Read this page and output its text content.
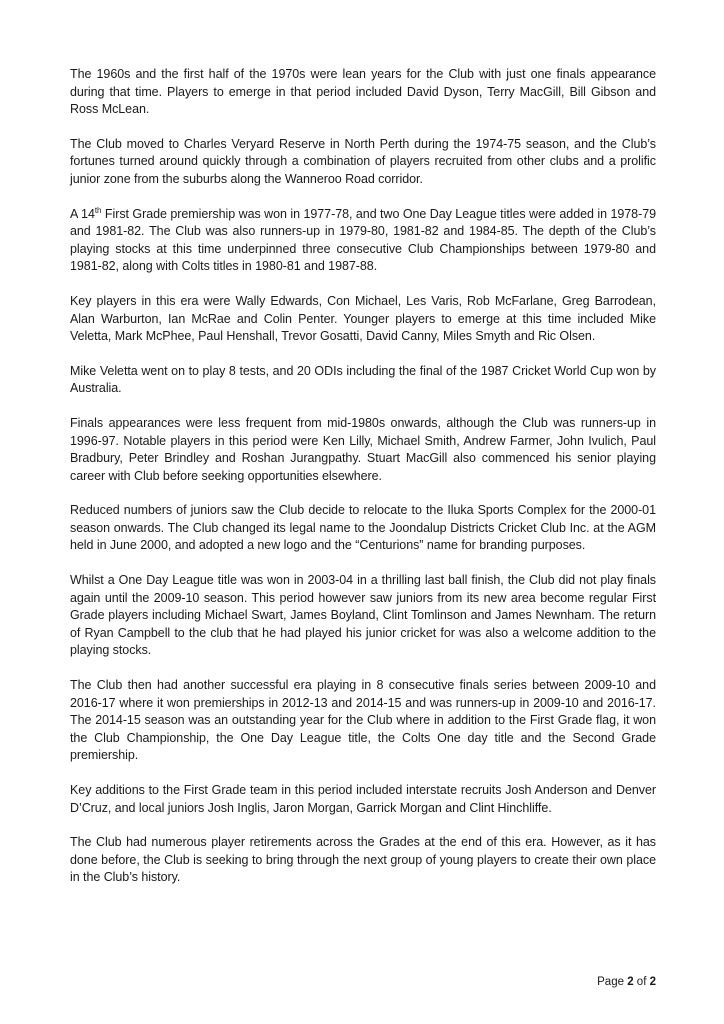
The 1960s and the first half of the 1970s were lean years for the Club with just one finals appearance during that time. Players to emerge in that period included David Dyson, Terry MacGill, Bill Gibson and Ross McLean.

The Club moved to Charles Veryard Reserve in North Perth during the 1974-75 season, and the Club’s fortunes turned around quickly through a combination of players recruited from other clubs and a prolific junior zone from the suburbs along the Wanneroo Road corridor.

A 14th First Grade premiership was won in 1977-78, and two One Day League titles were added in 1978-79 and 1981-82. The Club was also runners-up in 1979-80, 1981-82 and 1984-85. The depth of the Club’s playing stocks at this time underpinned three consecutive Club Championships between 1979-80 and 1981-82, along with Colts titles in 1980-81 and 1987-88.

Key players in this era were Wally Edwards, Con Michael, Les Varis, Rob McFarlane, Greg Barrodean, Alan Warburton, Ian McRae and Colin Penter. Younger players to emerge at this time included Mike Veletta, Mark McPhee, Paul Henshall, Trevor Gosatti, David Canny, Miles Smyth and Ric Olsen.

Mike Veletta went on to play 8 tests, and 20 ODIs including the final of the 1987 Cricket World Cup won by Australia.

Finals appearances were less frequent from mid-1980s onwards, although the Club was runners-up in 1996-97. Notable players in this period were Ken Lilly, Michael Smith, Andrew Farmer, John Ivulich, Paul Bradbury, Peter Brindley and Roshan Jurangpathy. Stuart MacGill also commenced his senior playing career with Club before seeking opportunities elsewhere.

Reduced numbers of juniors saw the Club decide to relocate to the Iluka Sports Complex for the 2000-01 season onwards. The Club changed its legal name to the Joondalup Districts Cricket Club Inc. at the AGM held in June 2000, and adopted a new logo and the “Centurions” name for branding purposes.

Whilst a One Day League title was won in 2003-04 in a thrilling last ball finish, the Club did not play finals again until the 2009-10 season. This period however saw juniors from its new area become regular First Grade players including Michael Swart, James Boyland, Clint Tomlinson and James Newnham. The return of Ryan Campbell to the club that he had played his junior cricket for was also a welcome addition to the playing stocks.

The Club then had another successful era playing in 8 consecutive finals series between 2009-10 and 2016-17 where it won premierships in 2012-13 and 2014-15 and was runners-up in 2009-10 and 2016-17. The 2014-15 season was an outstanding year for the Club where in addition to the First Grade flag, it won the Club Championship, the One Day League title, the Colts One day title and the Second Grade premiership.

Key additions to the First Grade team in this period included interstate recruits Josh Anderson and Denver D’Cruz, and local juniors Josh Inglis, Jaron Morgan, Garrick Morgan and Clint Hinchliffe.

The Club had numerous player retirements across the Grades at the end of this era. However, as it has done before, the Club is seeking to bring through the next group of young players to create their own place in the Club’s history.

Page 2 of 2
